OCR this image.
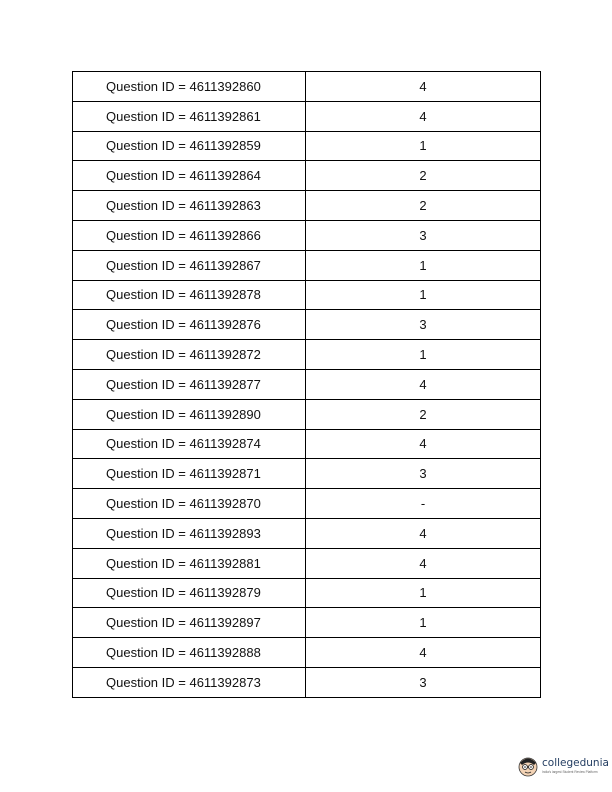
Question ID = 4611392860	4
Question ID = 4611392861	4
Question ID = 4611392859	1
Question ID = 4611392864	2
Question ID = 4611392863	2
Question ID = 4611392866	3
Question ID = 4611392867	1
Question ID = 4611392878	1
Question ID = 4611392876	3
Question ID = 4611392872	1
Question ID = 4611392877	4
Question ID = 4611392890	2
Question ID = 4611392874	4
Question ID = 4611392871	3
Question ID = 4611392870	-
Question ID = 4611392893	4
Question ID = 4611392881	4
Question ID = 4611392879	1
Question ID = 4611392897	1
Question ID = 4611392888	4
Question ID = 4611392873	3
collegedunia
India's largest Student Review Platform
